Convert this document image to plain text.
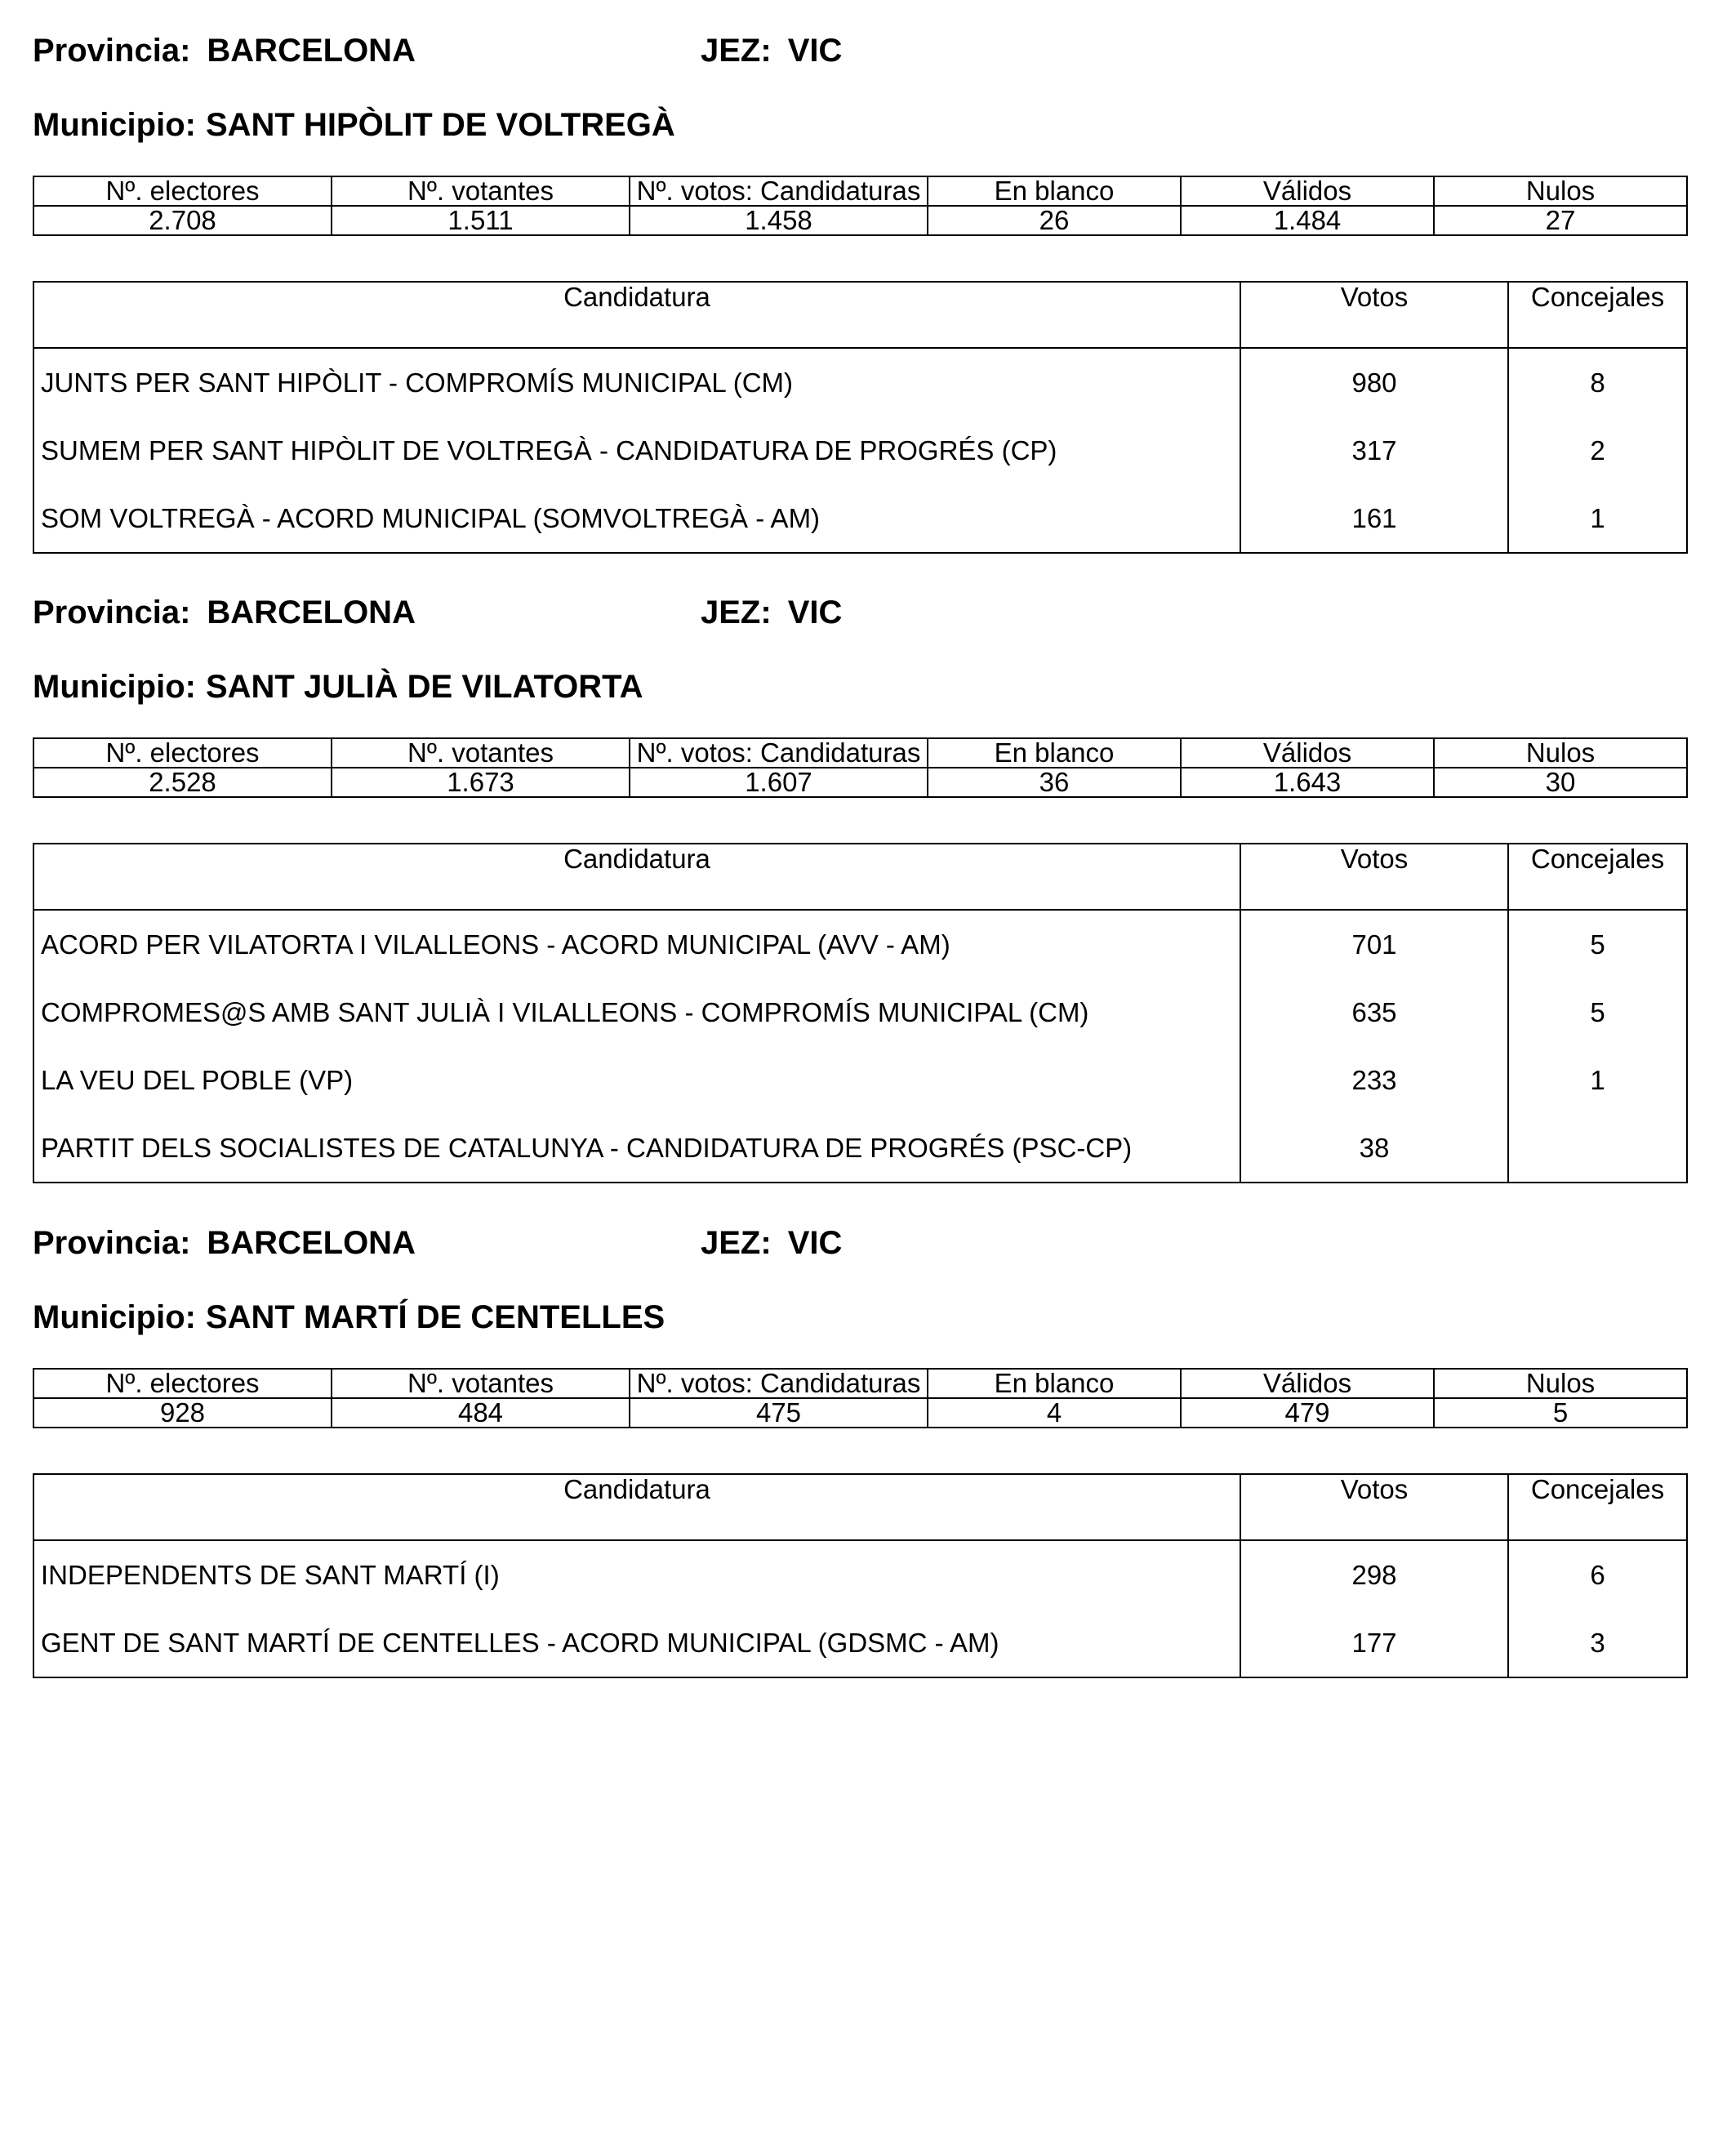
Provincia: BARCELONA	JEZ: VIC
Municipio: SANT HIPÒLIT DE VOLTREGÀ
Nº. electores	Nº. votantes	Nº. votos: Candidaturas	En blanco	Válidos	Nulos
2.708	1.511	1.458	26	1.484	27
Candidatura	Votos	Concejales
JUNTS PER SANT HIPÒLIT - COMPROMÍS MUNICIPAL (CM)	980	8
SUMEM PER SANT HIPÒLIT DE VOLTREGÀ - CANDIDATURA DE PROGRÉS (CP)	317	2
SOM VOLTREGÀ - ACORD MUNICIPAL (SOMVOLTREGÀ - AM)	161	1
Provincia: BARCELONA	JEZ: VIC
Municipio: SANT JULIÀ DE VILATORTA
Nº. electores	Nº. votantes	Nº. votos: Candidaturas	En blanco	Válidos	Nulos
2.528	1.673	1.607	36	1.643	30
Candidatura	Votos	Concejales
ACORD PER VILATORTA I VILALLEONS - ACORD MUNICIPAL (AVV - AM)	701	5
COMPROMES@S AMB SANT JULIÀ I VILALLEONS - COMPROMÍS MUNICIPAL (CM)	635	5
LA VEU DEL POBLE (VP)	233	1
PARTIT DELS SOCIALISTES DE CATALUNYA - CANDIDATURA DE PROGRÉS (PSC-CP)	38	
Provincia: BARCELONA	JEZ: VIC
Municipio: SANT MARTÍ DE CENTELLES
Nº. electores	Nº. votantes	Nº. votos: Candidaturas	En blanco	Válidos	Nulos
928	484	475	4	479	5
Candidatura	Votos	Concejales
INDEPENDENTS DE SANT MARTÍ (I)	298	6
GENT DE SANT MARTÍ DE CENTELLES - ACORD MUNICIPAL (GDSMC - AM)	177	3
